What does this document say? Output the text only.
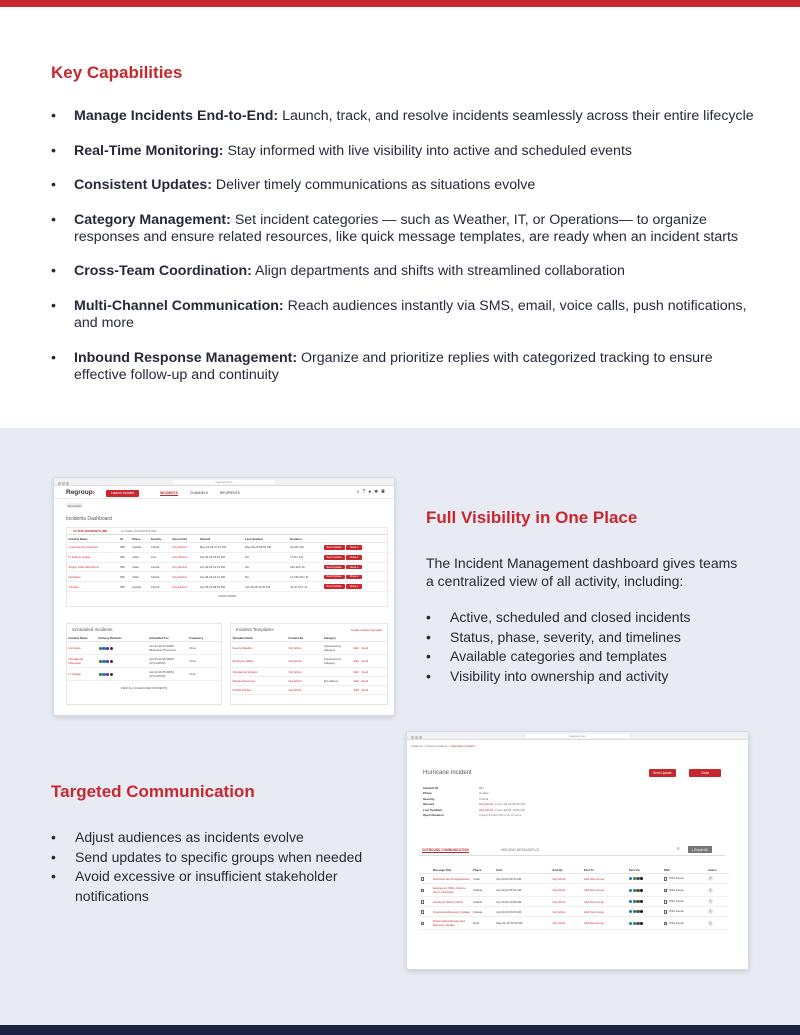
Key Capabilities
• Manage Incidents End-to-End: Launch, track, and resolve incidents seamlessly across their entire lifecycle
• Real-Time Monitoring: Stay informed with live visibility into active and scheduled events
• Consistent Updates: Deliver timely communications as situations evolve
• Category Management: Set incident categories — such as Weather, IT, or Operations— to organize responses and ensure related resources, like quick message templates, are ready when an incident starts
• Cross-Team Coordination: Align departments and shifts with streamlined collaboration
• Multi-Channel Communication: Reach audiences instantly via SMS, email, voice calls, push notifications, and more
• Inbound Response Management: Organize and prioritize replies with categorized tracking to ensure effective follow-up and continuity
regroup.com
Regroup›	Launch Incident	INCIDENTS	CHANNELS	RECIPIENTS	⌕?●✱◉
Org Admin
Incidents Dashboard
ACTIVE INCIDENTS (88)	CLOSED INCIDENTS (86)
Incident Name	ID	Phase	Severity	Opened By	Opened	Last Updated	Duration	
Cybersecurity breaches	890	Update	Critical	Org Admins	May-01-26 07:10 PM	May-05-26 08:52 PM	3d 20h 30s	Send Update Close ▾
IT System outage	890	Initial	Low	Org Admins	Apr-30-26 05:51 PM	NA	7h 5m 54s	Send Update Close ▾
Supply chain disruptions	890	Initial	Critical	Org Admins	Apr-30-26 01:13 PM	NA	23h 52m 5s	Send Update Close ▾
Hurricane	890	Initial	Critical	Org Admins	Apr-29-26 01:13 PM	NA	1d 23h 52m 5s	Send Update Close ▾
Tornado	887	Update	Critical	Org Admins	Apr-28-26 08:53 PM	Apr-28-26 10:06 AM	4d 4h 51m 4s	Send Update Close ▾
SHOW MORE
Scheduled Incidents
Incident Name	Delivery Methods	Scheduled For	Frequency
Hurricane		Jun-01-26 04:30PM (Budapest Timezone)	Once
Operational Disruption		Apr-03-26 05:30PM (UTC+08:00)	Once
IT Outage		Apr-22-26 05:30PM (UTC+08:00)	Once
VIEW ALL SCHEDULED INCIDENTS
Incident Templates	Create Incident Template
Template Name	Created By	Category	
Severe Weather	Org Admin	Cybersecurity Category	Edit Send
Employee Safety	Org Admin	Cybersecurity Category	Edit Send
Operational Incident	Org Admin		Edit Send
Disaster Recovery	Org Admin	Fire Alarms	Edit Send
Critical Incident	Org Admin		Edit Send
Full Visibility in One Place

The Incident Management dashboard gives teams a centralized view of all activity, including:

• Active, scheduled and closed incidents
• Status, phase, severity, and timelines
• Available categories and templates
• Visibility into ownership and activity
Targeted Communication
• Adjust audiences as incidents evolve
• Send updates to specific groups when needed
• Avoid excessive or insufficient stakeholder notifications
regroup.com
Incidents > Active Incidents > Hurricane Incident
Hurricane Incident	Send Update	Close
Incident ID	887
Phase	Update
Severity	Critical
Opened	Org Admin on Apr-29-26 08:15 AM
Last Updated	Org Admin on Apr-29-26 10:06 AM
Open Duration	3 days 8 hours 26 mins 37 secs
OUTBOUND COMMUNICATION	INBOUND MESSAGES (3)	⌕	⤓ Export All
	Message Title	Phase	Sent	Sent By	Sent To	Sent Via	RSS	Action
	Hurricane Alert Preparedness	Initial	Apr-29-26 08:15 AM	Org Admin	AAA New Group		RSS Feeds	i
	Emergency Office Closure due to Hurricane	Update	Apr-29-26 08:21 AM	Org Admin	AAA New Group		RSS Feeds	i
	Employee Safety Check	Update	Apr-29-26 10:06 AM	Org Admin	AAA New Group		RSS Feeds	i
	Operational Recovery Update	Update	Apr-30-26 09:00 AM	Org Admin	AAA New Group		RSS Feeds	i
	Post-Incident Review and Recovery Update	Final	May-01-26 04:00 PM	Org Admin	AAA New Group		RSS Feeds	i
